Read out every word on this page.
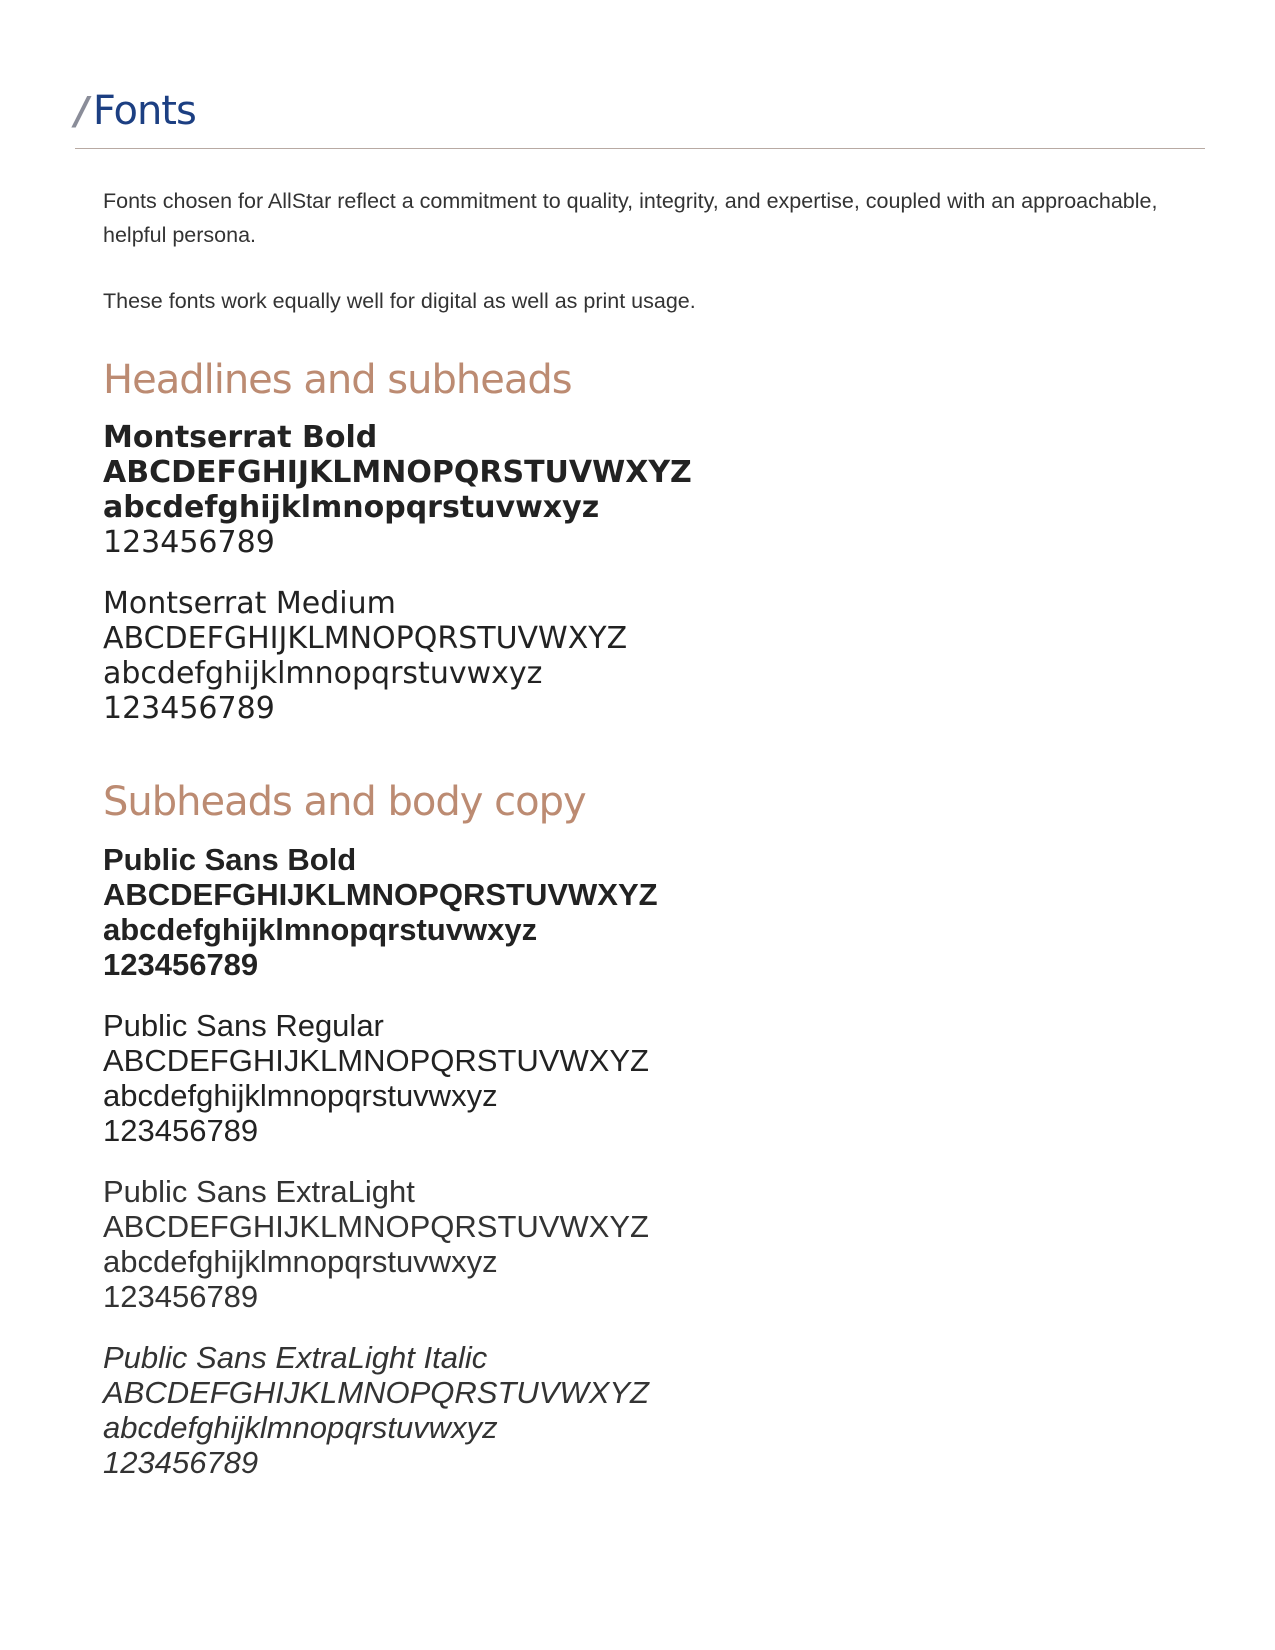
/ Fonts

Fonts chosen for AllStar reflect a commitment to quality, integrity, and expertise, coupled with an approachable, helpful persona.

These fonts work equally well for digital as well as print usage.

Headlines and subheads
Montserrat Bold
ABCDEFGHIJKLMNOPQRSTUVWXYZ
abcdefghijklmnopqrstuvwxyz
123456789
Montserrat Medium
ABCDEFGHIJKLMNOPQRSTUVWXYZ
abcdefghijklmnopqrstuvwxyz
123456789
Subheads and body copy
Public Sans Bold
ABCDEFGHIJKLMNOPQRSTUVWXYZ
abcdefghijklmnopqrstuvwxyz
123456789
Public Sans Regular
ABCDEFGHIJKLMNOPQRSTUVWXYZ
abcdefghijklmnopqrstuvwxyz
123456789
Public Sans ExtraLight
ABCDEFGHIJKLMNOPQRSTUVWXYZ
abcdefghijklmnopqrstuvwxyz
123456789
Public Sans ExtraLight Italic
ABCDEFGHIJKLMNOPQRSTUVWXYZ
abcdefghijklmnopqrstuvwxyz
123456789
